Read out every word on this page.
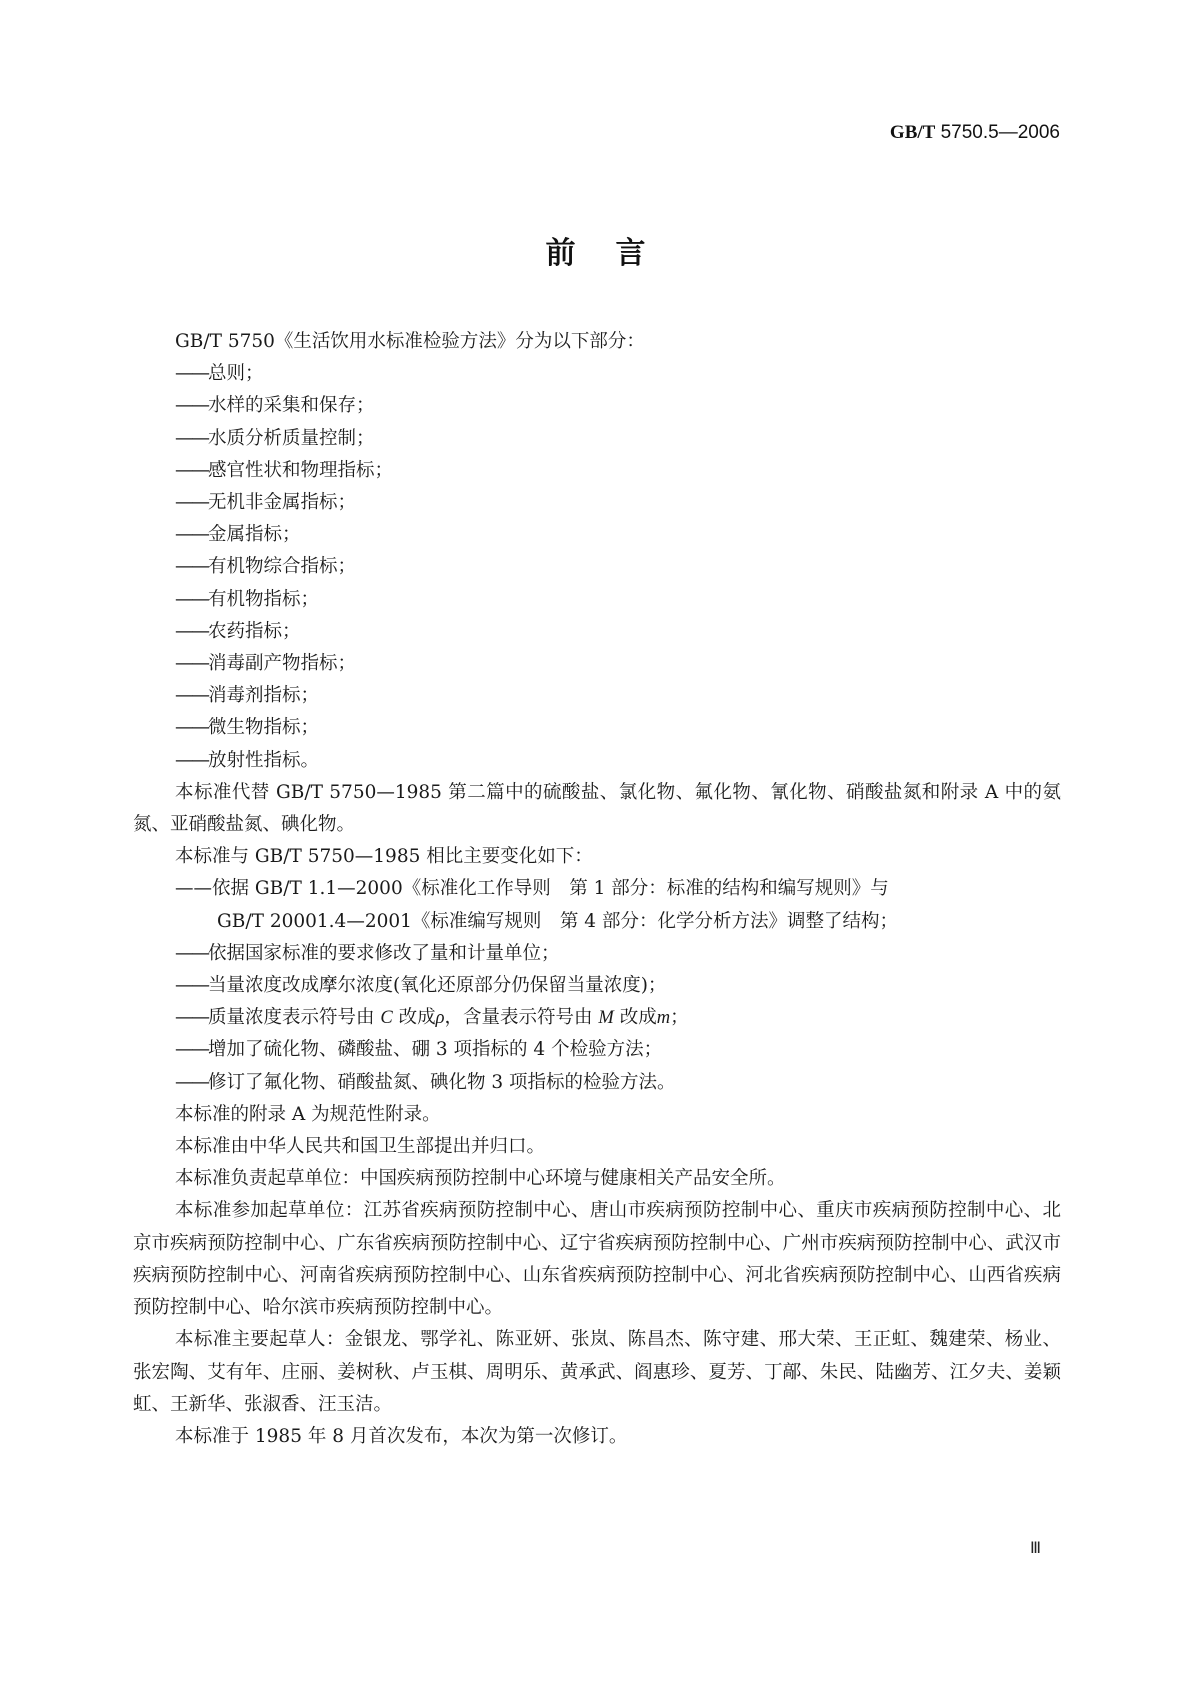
GB/T 5750.5—2006
前言

GB/T 5750《生活饮用水标准检验方法》分为以下部分：

——总则；

——水样的采集和保存；

——水质分析质量控制；

——感官性状和物理指标；

——无机非金属指标；

——金属指标；

——有机物综合指标；

——有机物指标；

——农药指标；

——消毒副产物指标；

——消毒剂指标；

——微生物指标；

——放射性指标。

本标准代替 GB/T 5750—1985 第二篇中的硫酸盐、氯化物、氟化物、氰化物、硝酸盐氮和附录 A 中的氨氮、亚硝酸盐氮、碘化物。

本标准与 GB/T 5750—1985 相比主要变化如下：

——依据 GB/T 1.1—2000《标准化工作导则　第 1 部分：标准的结构和编写规则》与
GB/T 20001.4—2001《标准编写规则　第 4 部分：化学分析方法》调整了结构；

——依据国家标准的要求修改了量和计量单位；

——当量浓度改成摩尔浓度(氧化还原部分仍保留当量浓度)；

——质量浓度表示符号由 C 改成ρ，含量表示符号由 M 改成m；

——增加了硫化物、磷酸盐、硼 3 项指标的 4 个检验方法；

——修订了氟化物、硝酸盐氮、碘化物 3 项指标的检验方法。

本标准的附录 A 为规范性附录。

本标准由中华人民共和国卫生部提出并归口。

本标准负责起草单位：中国疾病预防控制中心环境与健康相关产品安全所。

本标准参加起草单位：江苏省疾病预防控制中心、唐山市疾病预防控制中心、重庆市疾病预防控制中心、北京市疾病预防控制中心、广东省疾病预防控制中心、辽宁省疾病预防控制中心、广州市疾病预防控制中心、武汉市疾病预防控制中心、河南省疾病预防控制中心、山东省疾病预防控制中心、河北省疾病预防控制中心、山西省疾病预防控制中心、哈尔滨市疾病预防控制中心。

本标准主要起草人：金银龙、鄂学礼、陈亚妍、张岚、陈昌杰、陈守建、邢大荣、王正虹、魏建荣、杨业、张宏陶、艾有年、庄丽、姜树秋、卢玉棋、周明乐、黄承武、阎惠珍、夏芳、丁鄗、朱民、陆幽芳、江夕夫、姜颖虹、王新华、张淑香、汪玉洁。

本标准于 1985 年 8 月首次发布，本次为第一次修订。

Ⅲ
